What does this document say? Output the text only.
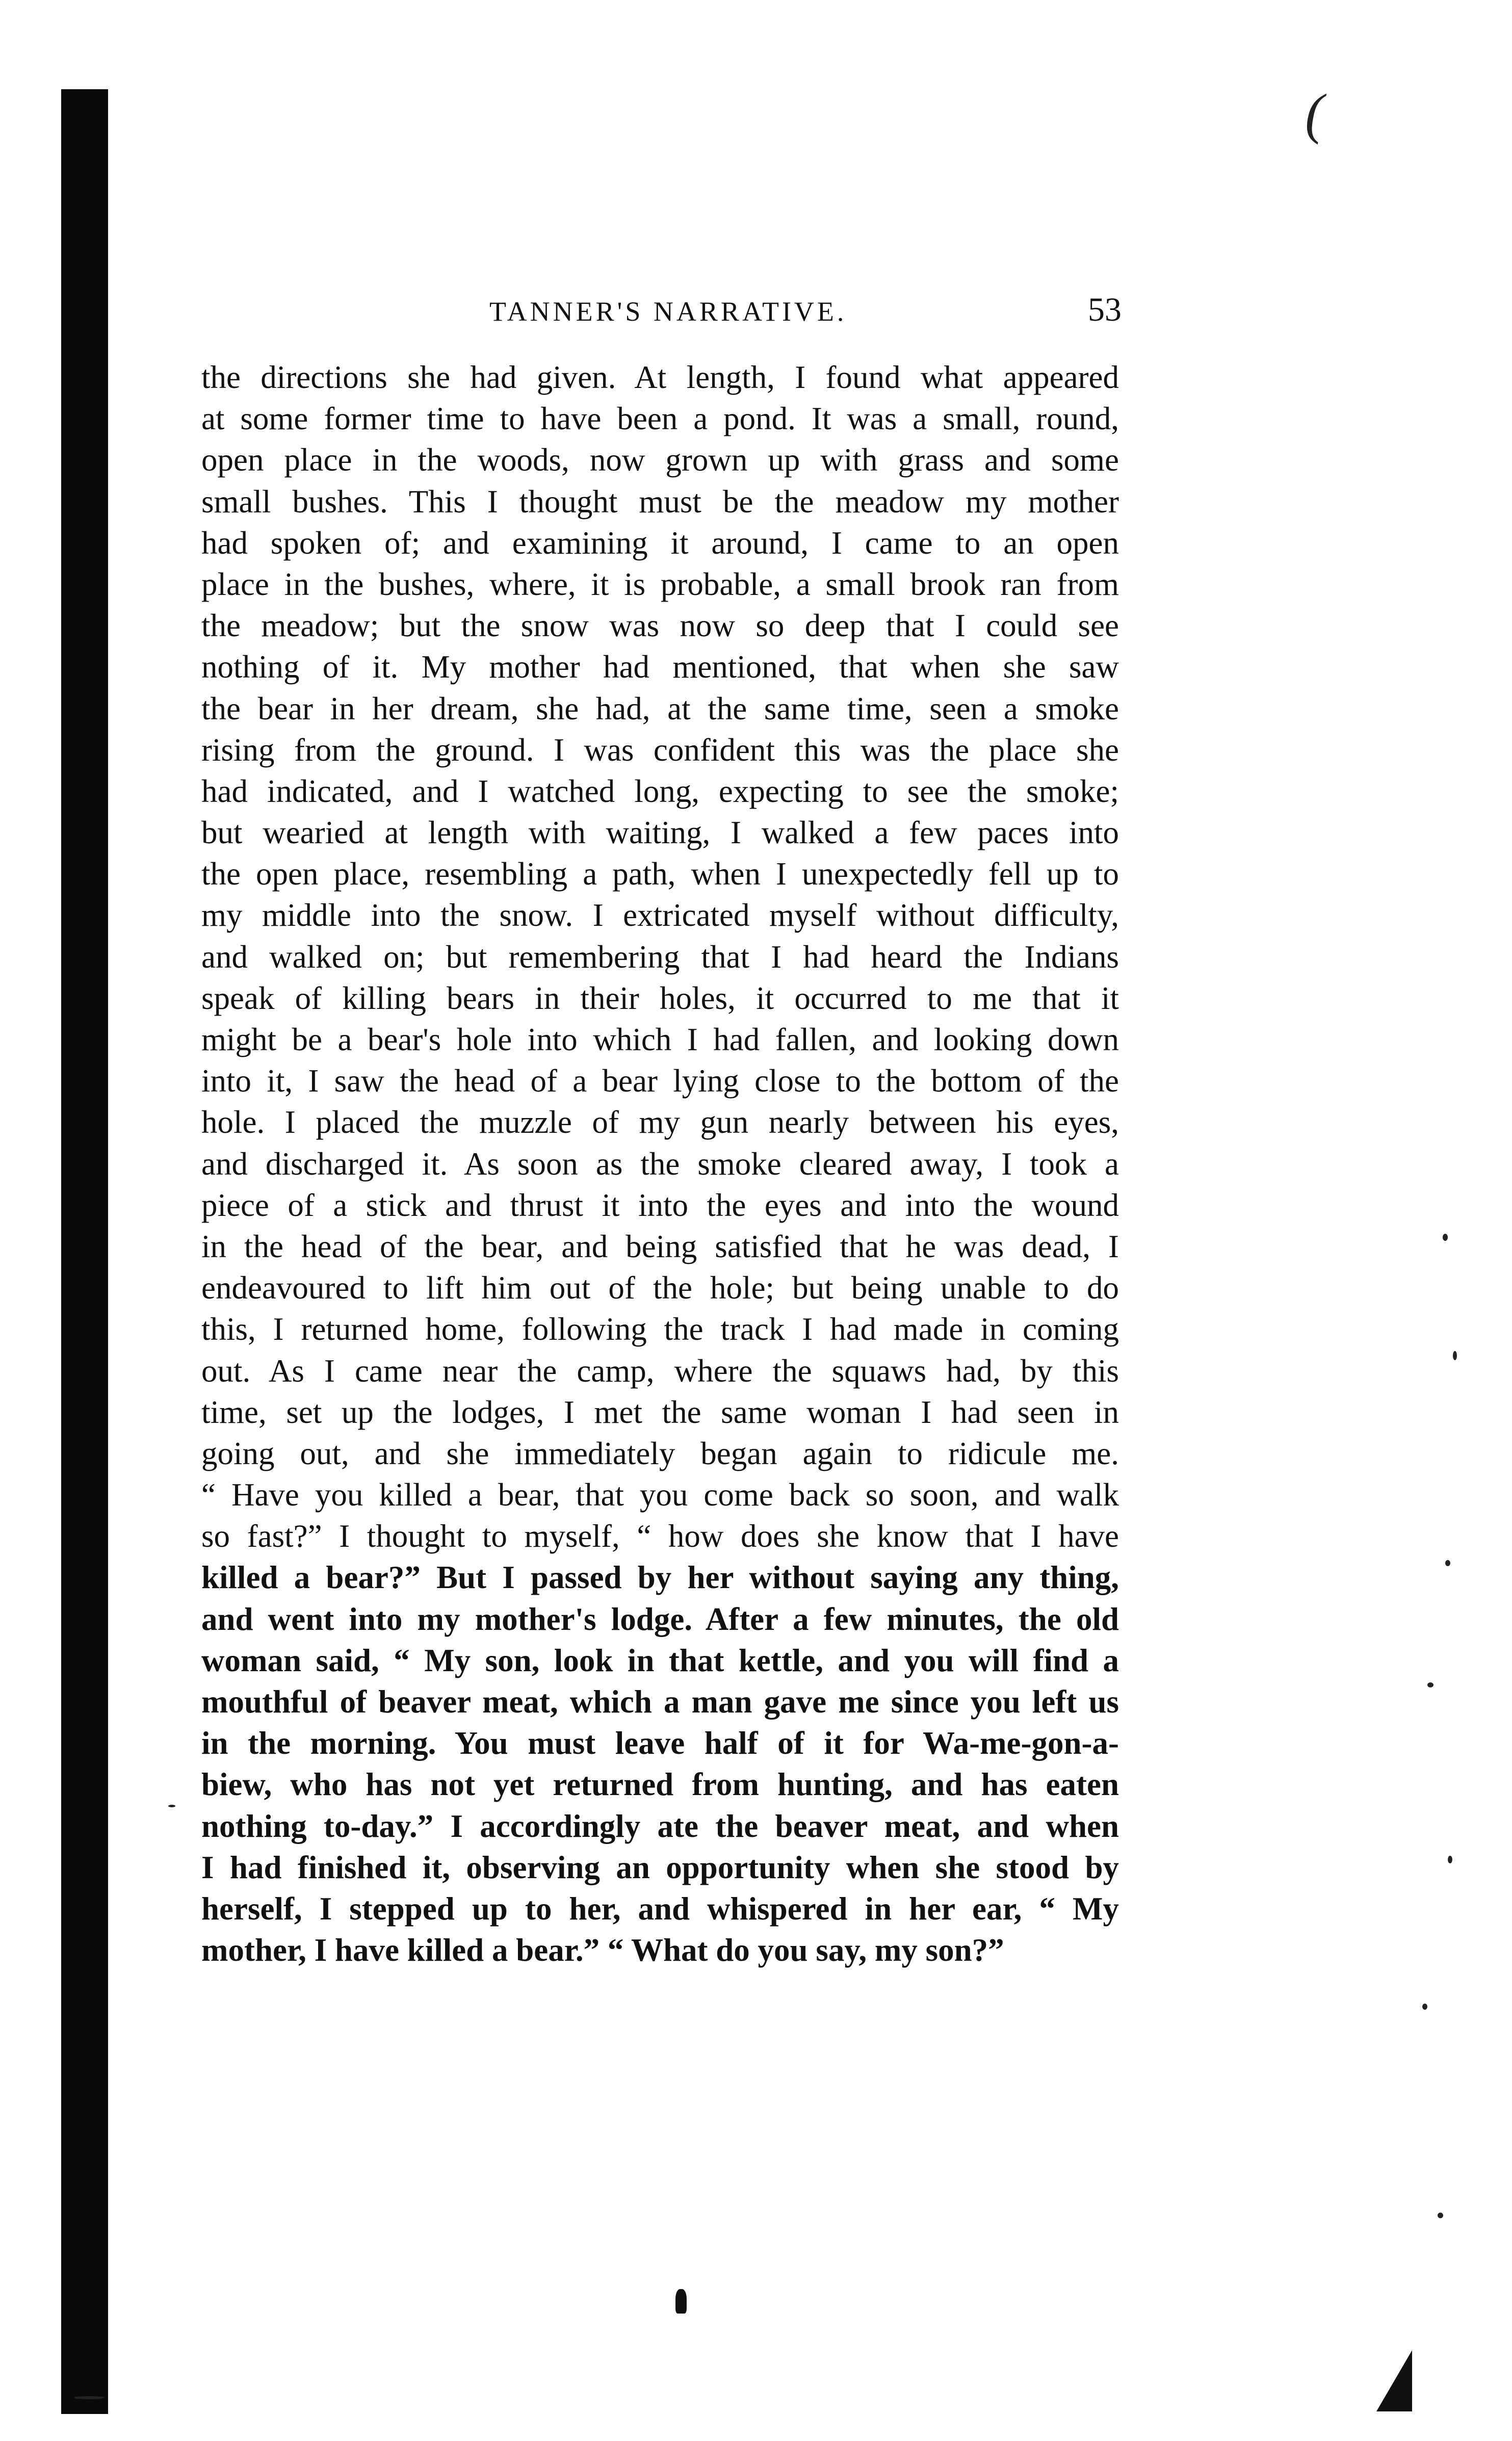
(
TANNER'S NARRATIVE.	53
the directions she had given. At length, I found what appeared
at some former time to have been a pond. It was a small, round,
open place in the woods, now grown up with grass and some
small bushes. This I thought must be the meadow my mother
had spoken of; and examining it around, I came to an open
place in the bushes, where, it is probable, a small brook ran from
the meadow; but the snow was now so deep that I could see
nothing of it. My mother had mentioned, that when she saw
the bear in her dream, she had, at the same time, seen a smoke
rising from the ground. I was confident this was the place she
had indicated, and I watched long, expecting to see the smoke;
but wearied at length with waiting, I walked a few paces into
the open place, resembling a path, when I unexpectedly fell up to
my middle into the snow. I extricated myself without difficulty,
and walked on; but remembering that I had heard the Indians
speak of killing bears in their holes, it occurred to me that it
might be a bear's hole into which I had fallen, and looking down
into it, I saw the head of a bear lying close to the bottom of the
hole. I placed the muzzle of my gun nearly between his eyes,
and discharged it. As soon as the smoke cleared away, I took a
piece of a stick and thrust it into the eyes and into the wound
in the head of the bear, and being satisfied that he was dead, I
endeavoured to lift him out of the hole; but being unable to do
this, I returned home, following the track I had made in coming
out. As I came near the camp, where the squaws had, by this
time, set up the lodges, I met the same woman I had seen in
going out, and she immediately began again to ridicule me.
“ Have you killed a bear, that you come back so soon, and walk
so fast?” I thought to myself, “ how does she know that I have
killed a bear?” But I passed by her without saying any thing,
and went into my mother's lodge. After a few minutes, the old
woman said, “ My son, look in that kettle, and you will find a
mouthful of beaver meat, which a man gave me since you left us
in the morning. You must leave half of it for Wa-me-gon-a-
biew, who has not yet returned from hunting, and has eaten
nothing to-day.” I accordingly ate the beaver meat, and when
I had finished it, observing an opportunity when she stood by
herself, I stepped up to her, and whispered in her ear, “ My
mother, I have killed a bear.” “ What do you say, my son?”
